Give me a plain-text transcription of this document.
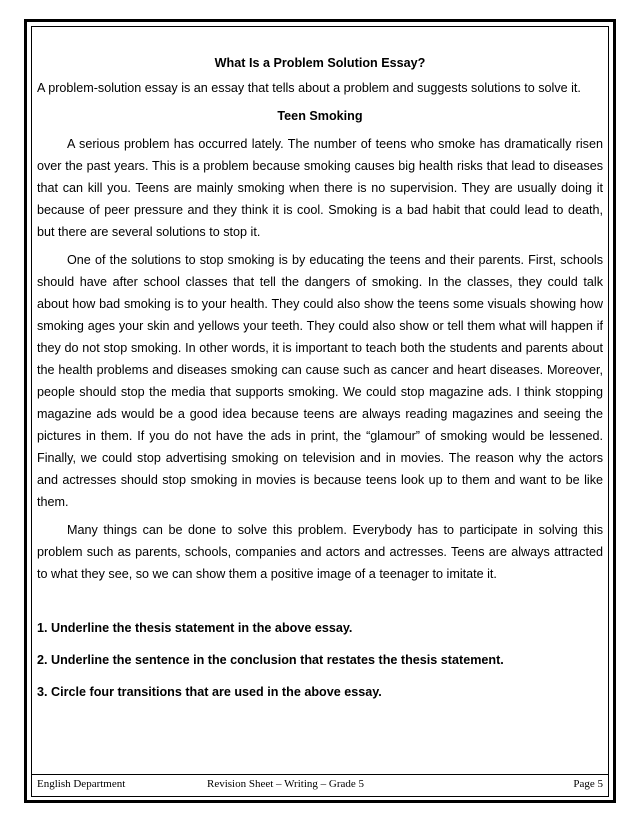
What Is a Problem Solution Essay?

A problem-solution essay is an essay that tells about a problem and suggests solutions to solve it.

Teen Smoking

A serious problem has occurred lately. The number of teens who smoke has dramatically risen over the past years. This is a problem because smoking causes big health risks that lead to diseases that can kill you. Teens are mainly smoking when there is no supervision. They are usually doing it because of peer pressure and they think it is cool. Smoking is a bad habit that could lead to death, but there are several solutions to stop it.

One of the solutions to stop smoking is by educating the teens and their parents. First, schools should have after school classes that tell the dangers of smoking. In the classes, they could talk about how bad smoking is to your health. They could also show the teens some visuals showing how smoking ages your skin and yellows your teeth. They could also show or tell them what will happen if they do not stop smoking. In other words, it is important to teach both the students and parents about the health problems and diseases smoking can cause such as cancer and heart diseases. Moreover, people should stop the media that supports smoking. We could stop magazine ads. I think stopping magazine ads would be a good idea because teens are always reading magazines and seeing the pictures in them. If you do not have the ads in print, the “glamour” of smoking would be lessened. Finally, we could stop advertising smoking on television and in movies. The reason why the actors and actresses should stop smoking in movies is because teens look up to them and want to be like them.

Many things can be done to solve this problem. Everybody has to participate in solving this problem such as parents, schools, companies and actors and actresses. Teens are always attracted to what they see, so we can show them a positive image of a teenager to imitate it.

1. Underline the thesis statement in the above essay.

2. Underline the sentence in the conclusion that restates the thesis statement.

3. Circle four transitions that are used in the above essay.

English Department	Revision Sheet – Writing – Grade 5	Page 5
